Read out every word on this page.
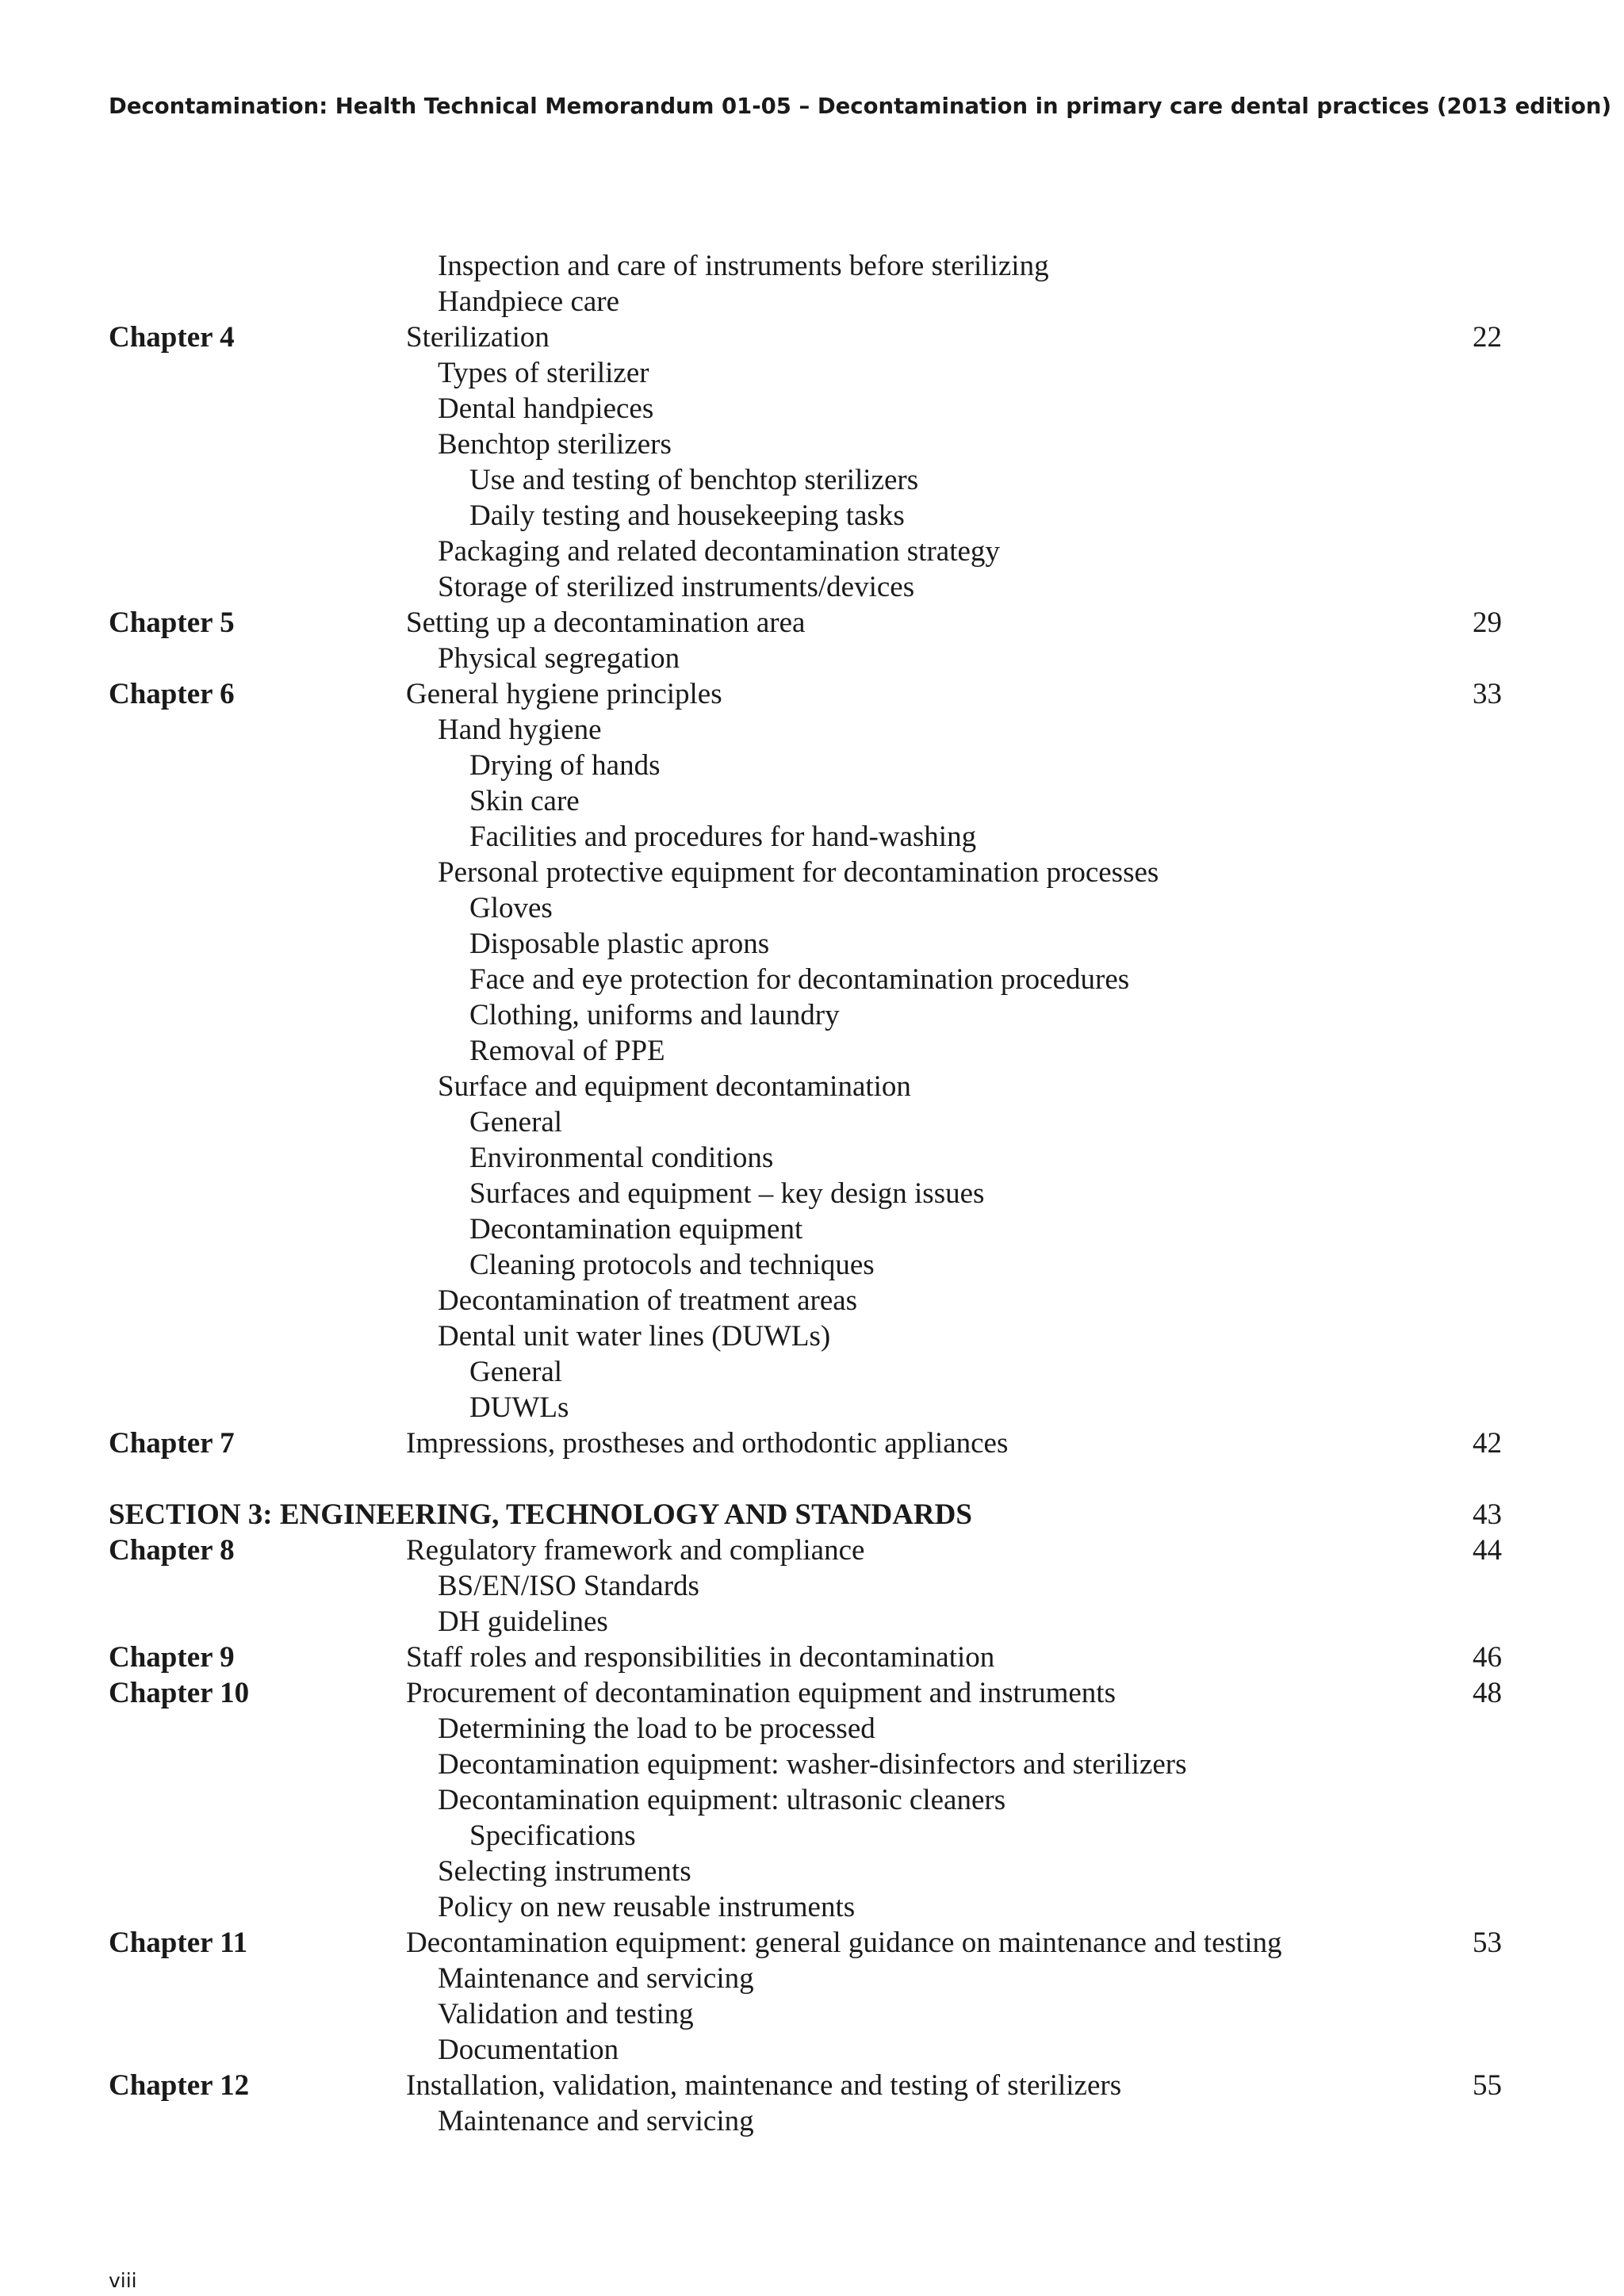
Decontamination: Health Technical Memorandum 01-05 – Decontamination in primary care dental practices (2013 edition)
Inspection and care of instruments before sterilizing
Handpiece care
Chapter 4	Sterilization	22
Types of sterilizer
Dental handpieces
Benchtop sterilizers
Use and testing of benchtop sterilizers
Daily testing and housekeeping tasks
Packaging and related decontamination strategy
Storage of sterilized instruments/devices
Chapter 5	Setting up a decontamination area	29
Physical segregation
Chapter 6	General hygiene principles	33
Hand hygiene
Drying of hands
Skin care
Facilities and procedures for hand-washing
Personal protective equipment for decontamination processes
Gloves
Disposable plastic aprons
Face and eye protection for decontamination procedures
Clothing, uniforms and laundry
Removal of PPE
Surface and equipment decontamination
General
Environmental conditions
Surfaces and equipment – key design issues
Decontamination equipment
Cleaning protocols and techniques
Decontamination of treatment areas
Dental unit water lines (DUWLs)
General
DUWLs
Chapter 7	Impressions, prostheses and orthodontic appliances	42
SECTION 3: ENGINEERING, TECHNOLOGY AND STANDARDS	43
Chapter 8	Regulatory framework and compliance	44
BS/EN/ISO Standards
DH guidelines
Chapter 9	Staff roles and responsibilities in decontamination	46
Chapter 10	Procurement of decontamination equipment and instruments	48
Determining the load to be processed
Decontamination equipment: washer-disinfectors and sterilizers
Decontamination equipment: ultrasonic cleaners
Specifications
Selecting instruments
Policy on new reusable instruments
Chapter 11	Decontamination equipment: general guidance on maintenance and testing	53
Maintenance and servicing
Validation and testing
Documentation
Chapter 12	Installation, validation, maintenance and testing of sterilizers	55
Maintenance and servicing
viii
